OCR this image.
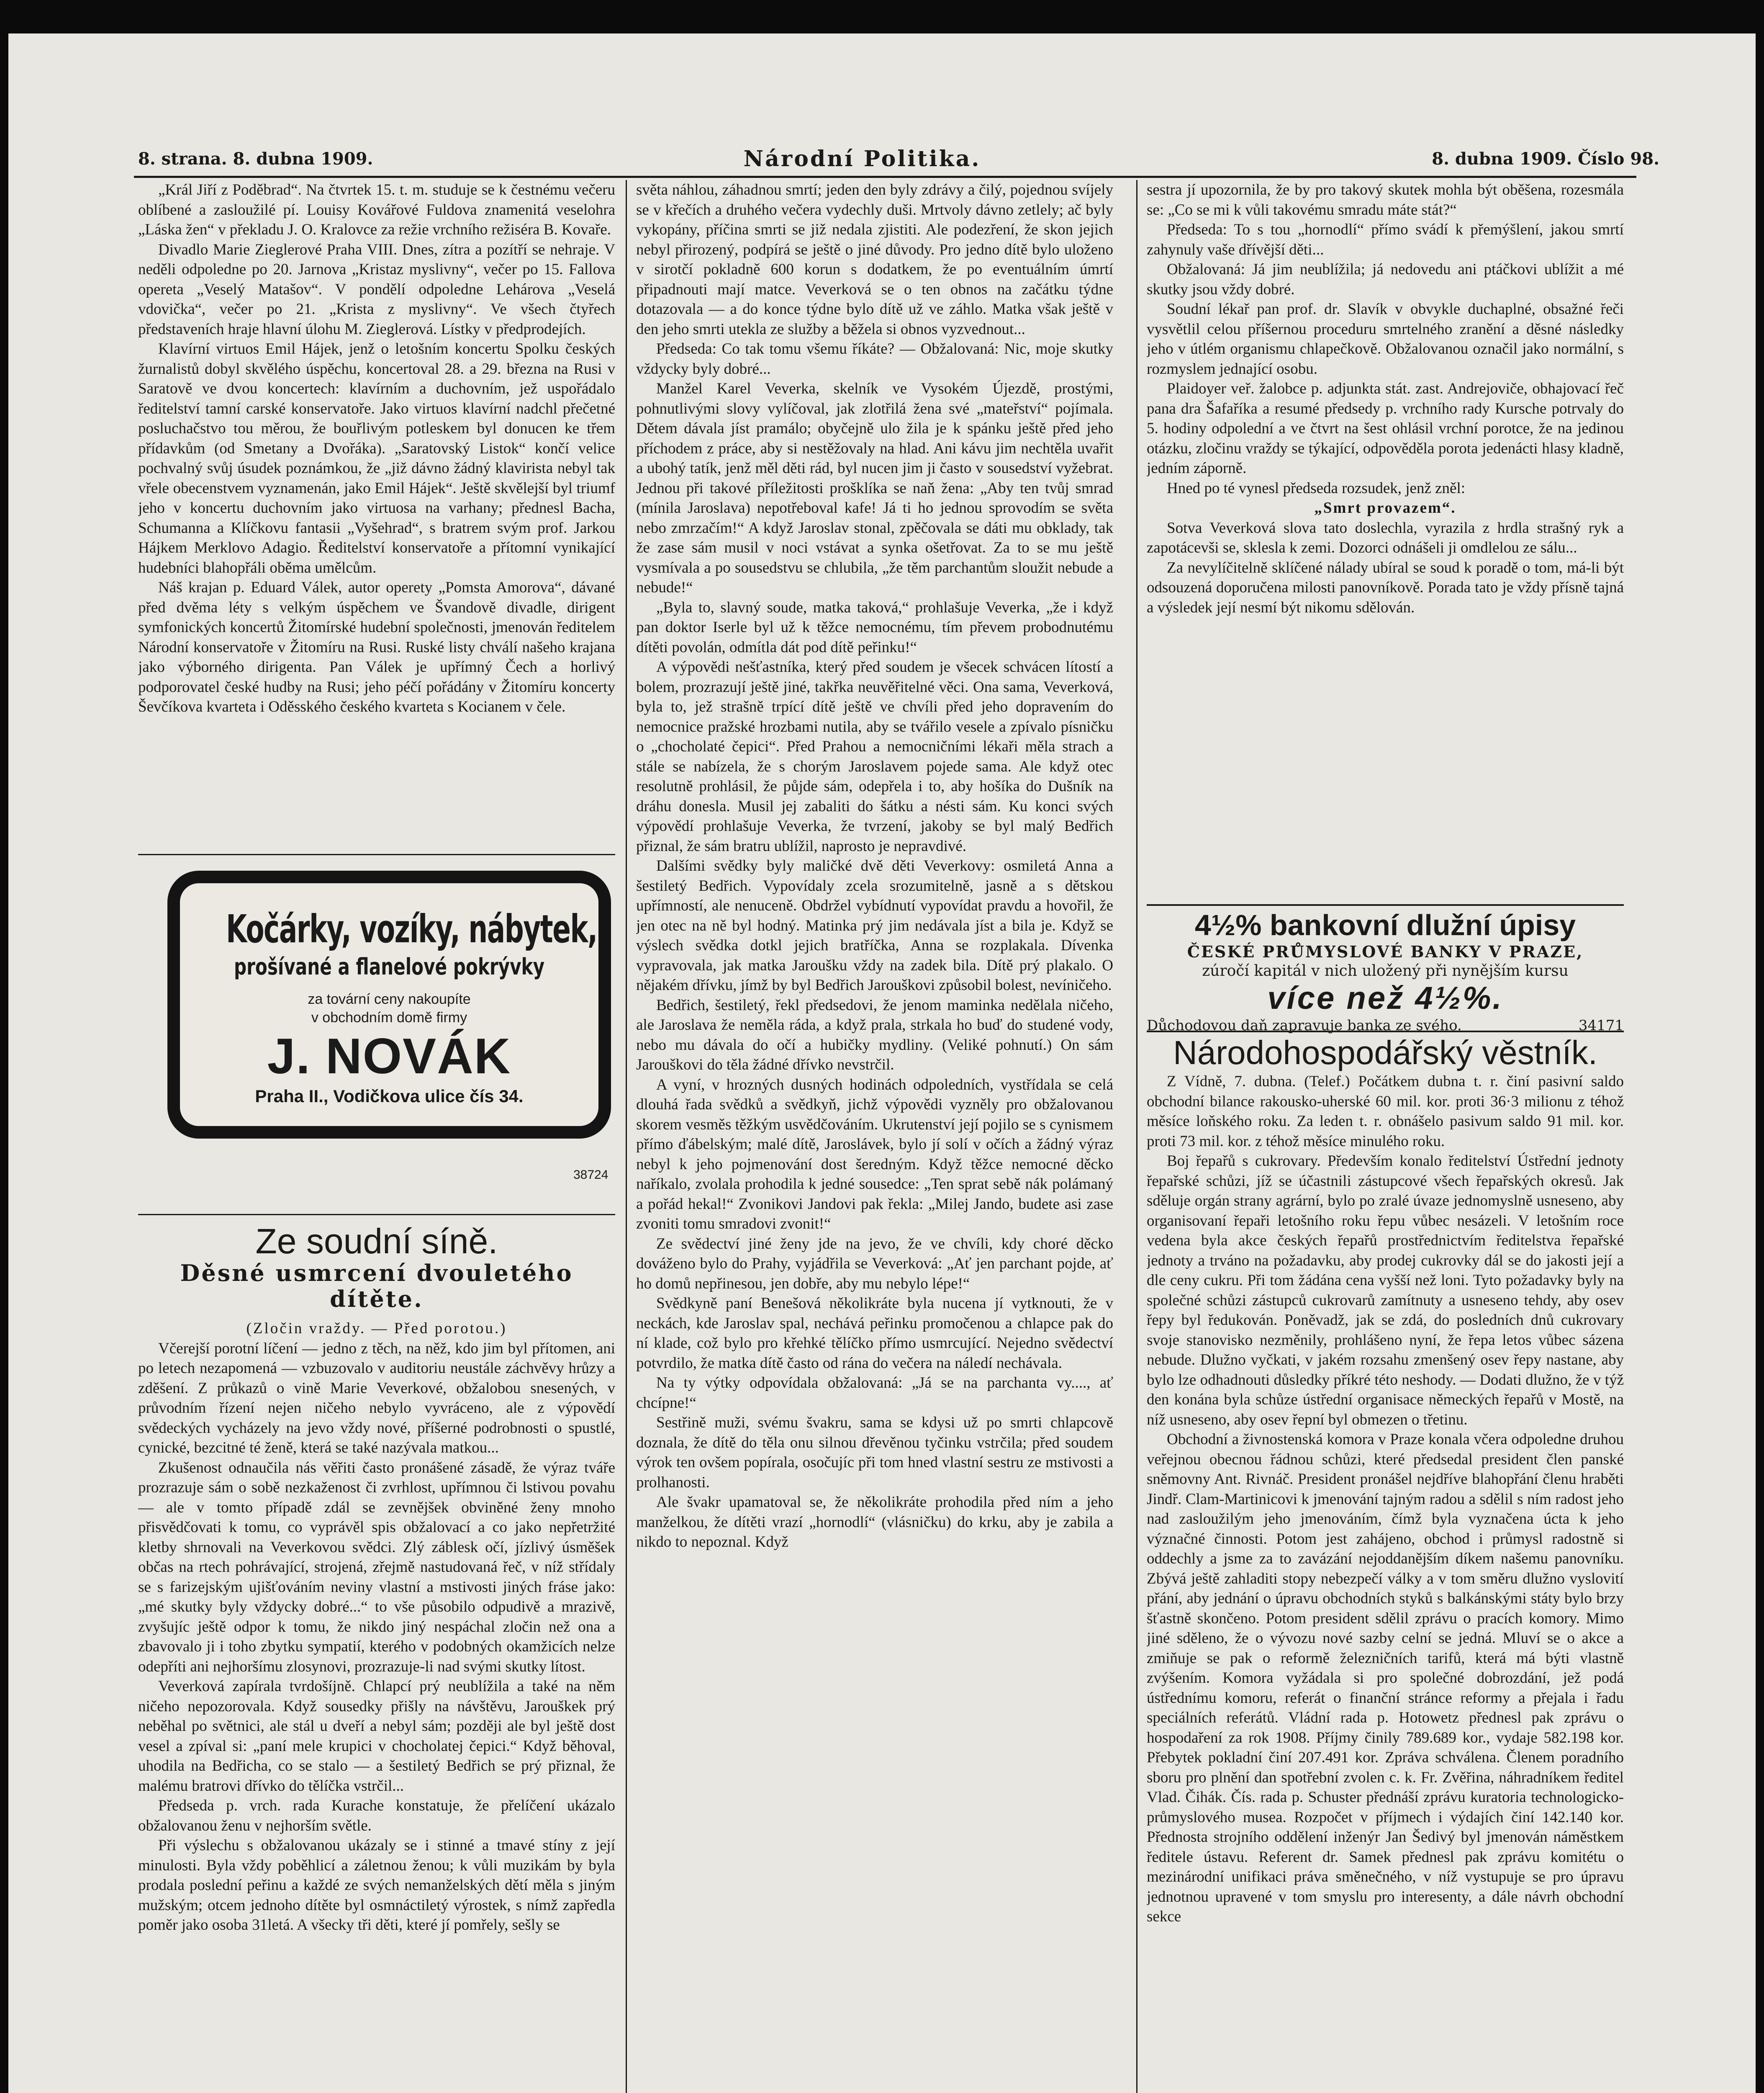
8. strana. 8. dubna 1909.	Národní Politika.	8. dubna 1909. Číslo 98.

„Král Jiří z Poděbrad“. Na čtvrtek 15. t. m. studuje se k čestnému večeru oblíbené a zasloužilé pí. Louisy Kovářové Fuldova znamenitá veselohra „Láska žen“ v překladu J. O. Kralovce za režie vrchního režiséra B. Kovaře.

Divadlo Marie Zieglerové Praha VIII. Dnes, zítra a pozítří se nehraje. V neděli odpoledne po 20. Jarnova „Kristaz myslivny“, večer po 15. Fallova opereta „Veselý Matašov“. V pondělí odpoledne Lehárova „Veselá vdovička“, večer po 21. „Krista z myslivny“. Ve všech čtyřech představeních hraje hlavní úlohu M. Zieglerová. Lístky v předprodejích.

Klavírní virtuos Emil Hájek, jenž o letošním koncertu Spolku českých žurnalistů dobyl skvělého úspěchu, koncertoval 28. a 29. března na Rusi v Saratově ve dvou koncertech: klavírním a duchovním, jež uspořádalo ředitelství tamní carské konservatoře. Jako virtuos klavírní nadchl přečetné posluchačstvo tou měrou, že bouřlivým potleskem byl donucen ke třem přídavkům (od Smetany a Dvořáka). „Saratovský Listok“ končí velice pochvalný svůj úsudek poznámkou, že „již dávno žádný klavirista nebyl tak vřele obecenstvem vyznamenán, jako Emil Hájek“. Ještě skvělejší byl triumf jeho v koncertu duchovním jako virtuosa na varhany; přednesl Bacha, Schumanna a Klíčkovu fantasii „Vyšehrad“, s bratrem svým prof. Jarkou Hájkem Merklovo Adagio. Ředitelství konservatoře a přítomní vynikající hudebníci blahopřáli oběma umělcům.

Náš krajan p. Eduard Válek, autor operety „Pomsta Amorova“, dávané před dvěma léty s velkým úspěchem ve Švandově divadle, dirigent symfonických koncertů Žitomírské hudební společnosti, jmenován ředitelem Národní konservatoře v Žitomíru na Rusi. Ruské listy chválí našeho krajana jako výborného dirigenta. Pan Válek je upřímný Čech a horlivý podporovatel české hudby na Rusi; jeho péčí pořádány v Žitomíru koncerty Ševčíkova kvarteta i Oděsského českého kvarteta s Kocianem v čele.

Kočárky, vozíky, nábytek,
prošívané a flanelové pokrývky
za tovární ceny nakoupíte
v obchodním domě firmy
J. NOVÁK
Praha II., Vodičkova ulice čís 34.
38724
Ze soudní síně.
Děsné usmrcení dvouletého dítěte.

(Zločin vraždy. — Před porotou.)

Včerejší porotní líčení — jedno z těch, na něž, kdo jim byl přítomen, ani po letech nezapomená — vzbuzovalo v auditoriu neustále záchvěvy hrůzy a zděšení. Z průkazů o vině Marie Veverkové, obžalobou snesených, v průvodním řízení nejen ničeho nebylo vyvráceno, ale z výpovědí svědeckých vycházely na jevo vždy nové, příšerné podrobnosti o spustlé, cynické, bezcitné té ženě, která se také nazývala matkou...

Zkušenost odnaučila nás věřiti často pronášené zásadě, že výraz tváře prozrazuje sám o sobě nezkaženost či zvrhlost, upřímnou či lstivou povahu — ale v tomto případě zdál se zevnějšek obviněné ženy mnoho přisvědčovati k tomu, co vyprávěl spis obžalovací a co jako nepřetržité kletby shrnovali na Veverkovou svědci. Zlý záblesk očí, jízlivý úsměšek občas na rtech pohrávající, strojená, zřejmě nastudovaná řeč, v níž střídaly se s farizejským ujišťováním neviny vlastní a mstivosti jiných fráse jako: „mé skutky byly vždycky dobré...“ to vše působilo odpudivě a mrazivě, zvyšujíc ještě odpor k tomu, že nikdo jiný nespáchal zločin než ona a zbavovalo ji i toho zbytku sympatií, kterého v podobných okamžicích nelze odepříti ani nejhoršímu zlosynovi, prozrazuje-li nad svými skutky lítost.

Veverková zapírala tvrdošíjně. Chlapcí prý neublížila a také na něm ničeho nepozorovala. Když sousedky přišly na návštěvu, Jarouškek prý neběhal po světnici, ale stál u dveří a nebyl sám; později ale byl ještě dost vesel a zpíval si: „paní mele krupici v chocholatej čepici.“ Když běhoval, uhodila na Bedřicha, co se stalo — a šestiletý Bedřich se prý přiznal, že malému bratrovi dřívko do tělíčka vstrčil...

Předseda p. vrch. rada Kurache konstatuje, že přelíčení ukázalo obžalovanou ženu v nejhorším světle.

Při výslechu s obžalovanou ukázaly se i stinné a tmavé stíny z její minulosti. Byla vždy poběhlicí a záletnou ženou; k vůli muzikám by byla prodala poslední peřinu a každé ze svých nemanželských dětí měla s jiným mužským; otcem jednoho dítěte byl osmnáctiletý výrostek, s nímž zapředla poměr jako osoba 31letá. A všecky tři děti, které jí pomřely, sešly se

světa náhlou, záhadnou smrtí; jeden den byly zdrávy a čilý, pojednou svíjely se v křečích a druhého večera vydechly duši. Mrtvoly dávno zetlely; ač byly vykopány, příčina smrti se již nedala zjistiti. Ale podezření, že skon jejich nebyl přirozený, podpírá se ještě o jiné důvody. Pro jedno dítě bylo uloženo v sirotčí pokladně 600 korun s dodatkem, že po eventuálním úmrtí připadnouti mají matce. Veverková se o ten obnos na začátku týdne dotazovala — a do konce týdne bylo dítě už ve záhlo. Matka však ještě v den jeho smrti utekla ze služby a běžela si obnos vyzvednout...

Předseda: Co tak tomu všemu říkáte? — Obžalovaná: Nic, moje skutky vždycky byly dobré...

Manžel Karel Veverka, skelník ve Vysokém Újezdě, prostými, pohnutlivými slovy vylíčoval, jak zlotřilá žena své „mateřství“ pojímala. Dětem dávala jíst pramálo; obyčejně ulo žila je k spánku ještě před jeho příchodem z práce, aby si nestěžovaly na hlad. Ani kávu jim nechtěla uvařit a ubohý tatík, jenž měl děti rád, byl nucen jim ji často v sousedství vyžebrat. Jednou při takové příležitosti prošklíka se naň žena: „Aby ten tvůj smrad (mínila Jaroslava) nepotřeboval kafe! Já ti ho jednou sprovodím se světa nebo zmrzačím!“ A když Jaroslav stonal, zpěčovala se dáti mu obklady, tak že zase sám musil v noci vstávat a synka ošetřovat. Za to se mu ještě vysmívala a po sousedstvu se chlubila, „že těm parchantům sloužit nebude a nebude!“

„Byla to, slavný soude, matka taková,“ prohlašuje Veverka, „že i když pan doktor Iserle byl už k těžce nemocnému, tím převem probodnutému dítěti povolán, odmítla dát pod dítě peřinku!“

A výpovědi nešťastníka, který před soudem je všecek schvácen lítostí a bolem, prozrazují ještě jiné, takřka neuvěřitelné věci. Ona sama, Veverková, byla to, jež strašně trpící dítě ještě ve chvíli před jeho dopravením do nemocnice pražské hrozbami nutila, aby se tvářilo vesele a zpívalo písničku o „chocholaté čepici“. Před Prahou a nemocničními lékaři měla strach a stále se nabízela, že s chorým Jaroslavem pojede sama. Ale když otec resolutně prohlásil, že půjde sám, odepřela i to, aby hošíka do Dušník na dráhu donesla. Musil jej zabaliti do šátku a nésti sám. Ku konci svých výpovědí prohlašuje Veverka, že tvrzení, jakoby se byl malý Bedřich přiznal, že sám bratru ublížil, naprosto je nepravdivé.

Dalšími svědky byly maličké dvě děti Veverkovy: osmiletá Anna a šestiletý Bedřich. Vypovídaly zcela srozumitelně, jasně a s dětskou upřímností, ale nenuceně. Obdržel vybídnutí vypovídat pravdu a hovořil, že jen otec na ně byl hodný. Matinka prý jim nedávala jíst a bila je. Když se výslech svědka dotkl jejich bratříčka, Anna se rozplakala. Dívenka vypravovala, jak matka Jaroušku vždy na zadek bila. Dítě prý plakalo. O nějakém dřívku, jímž by byl Bedřich Jarouškovi způsobil bolest, nevíničeho.

Bedřich, šestiletý, řekl předsedovi, že jenom maminka nedělala ničeho, ale Jaroslava že neměla ráda, a když prala, strkala ho buď do studené vody, nebo mu dávala do očí a hubičky mydliny. (Veliké pohnutí.) On sám Jarouškovi do těla žádné dřívko nevstrčil.

A vyní, v hrozných dusných hodinách odpoledních, vystřídala se celá dlouhá řada svědků a svědkyň, jichž výpovědi vyzněly pro obžalovanou skorem vesměs těžkým usvědčováním. Ukrutenství její pojilo se s cynismem přímo ďábelským; malé dítě, Jaroslávek, bylo jí solí v očích a žádný výraz nebyl k jeho pojmenování dost šeredným. Když těžce nemocné děcko naříkalo, zvolala prohodila k jedné sousedce: „Ten sprat sebě nák polámaný a pořád hekal!“ Zvonikovi Jandovi pak řekla: „Milej Jando, budete asi zase zvoniti tomu smradovi zvonit!“

Ze svědectví jiné ženy jde na jevo, že ve chvíli, kdy choré děcko dováženo bylo do Prahy, vyjádřila se Veverková: „Ať jen parchant pojde, ať ho domů nepřinesou, jen dobře, aby mu nebylo lépe!“

Svědkyně paní Benešová několikráte byla nucena jí vytknouti, že v neckách, kde Jaroslav spal, nechává peřinku promočenou a chlapce pak do ní klade, což bylo pro křehké tělíčko přímo usmrcující. Nejedno svědectví potvrdilo, že matka dítě často od rána do večera na náledí nechávala.

Na ty výtky odpovídala obžalovaná: „Já se na parchanta vy...., ať chcípne!“

Sestřině muži, svému švakru, sama se kdysi už po smrti chlapcově doznala, že dítě do těla onu silnou dřevěnou tyčinku vstrčila; před soudem výrok ten ovšem popírala, osočujíc při tom hned vlastní sestru ze mstivosti a prolhanosti.

Ale švakr upamatoval se, že několikráte prohodila před ním a jeho manželkou, že dítěti vrazí „hornodlí“ (vlásničku) do krku, aby je zabila a nikdo to nepoznal. Když

sestra jí upozornila, že by pro takový skutek mohla být oběšena, rozesmála se: „Co se mi k vůli takovému smradu máte stát?“

Předseda: To s tou „hornodlí“ přímo svádí k přemýšlení, jakou smrtí zahynuly vaše dřívější děti...

Obžalovaná: Já jim neublížila; já nedovedu ani ptáčkovi ublížit a mé skutky jsou vždy dobré.

Soudní lékař pan prof. dr. Slavík v obvykle duchaplné, obsažné řeči vysvětlil celou příšernou proceduru smrtelného zranění a děsné následky jeho v útlém organismu chlapečkově. Obžalovanou označil jako normální, s rozmyslem jednající osobu.

Plaidoyer veř. žalobce p. adjunkta stát. zast. Andrejoviče, obhajovací řeč pana dra Šafaříka a resumé předsedy p. vrchního rady Kursche potrvaly do 5. hodiny odpolední a ve čtvrt na šest ohlásil vrchní porotce, že na jedinou otázku, zločinu vraždy se týkající, odpověděla porota jedenácti hlasy kladně, jedním záporně.

Hned po té vynesl předseda rozsudek, jenž zněl:

„Smrt provazem“.

Sotva Veverková slova tato doslechla, vyrazila z hrdla strašný ryk a zapotácevši se, sklesla k zemi. Dozorci odnášeli ji omdlelou ze sálu...

Za nevylíčitelně sklíčené nálady ubíral se soud k poradě o tom, má-li být odsouzená doporučena milosti panovníkově. Porada tato je vždy přísně tajná a výsledek její nesmí být nikomu sdělován.

4½% bankovní dlužní úpisy
ČESKÉ PRŮMYSLOVÉ BANKY V PRAZE,
zúročí kapitál v nich uložený při nynějším kursu
více než 4½%.
Důchodovou daň zapravuje banka ze svého.	34171
Národohospodářský věstník.

Z Vídně, 7. dubna. (Telef.) Počátkem dubna t. r. činí pasivní saldo obchodní bilance rakousko-uherské 60 mil. kor. proti 36·3 milionu z téhož měsíce loňského roku. Za leden t. r. obnášelo pasivum saldo 91 mil. kor. proti 73 mil. kor. z téhož měsíce minulého roku.

Boj řepařů s cukrovary. Především konalo ředitelství Ústřední jednoty řepařské schůzi, jíž se účastnili zástupcové všech řepařských okresů. Jak sděluje orgán strany agrární, bylo po zralé úvaze jednomyslně usneseno, aby organisovaní řepaři letošního roku řepu vůbec nesázeli. V letošním roce vedena byla akce českých řepařů prostřednictvím ředitelstva řepařské jednoty a trváno na požadavku, aby prodej cukrovky dál se do jakosti její a dle ceny cukru. Při tom žádána cena vyšší než loni. Tyto požadavky byly na společné schůzi zástupců cukrovarů zamítnuty a usneseno tehdy, aby osev řepy byl ředukován. Poněvadž, jak se zdá, do posledních dnů cukrovary svoje stanovisko nezměnily, prohlášeno nyní, že řepa letos vůbec sázena nebude. Dlužno vyčkati, v jakém rozsahu zmenšený osev řepy nastane, aby bylo lze odhadnouti důsledky příkré této neshody. — Dodati dlužno, že v týž den konána byla schůze ústřední organisace německých řepařů v Mostě, na níž usneseno, aby osev řepní byl obmezen o třetinu.

Obchodní a živnostenská komora v Praze konala včera odpoledne druhou veřejnou obecnou řádnou schůzi, které předsedal president člen panské sněmovny Ant. Rivnáč. President pronášel nejdříve blahopřání členu hraběti Jindř. Clam-Martinicovi k jmenování tajným radou a sdělil s ním radost jeho nad zasloužilým jeho jmenováním, čímž byla vyznačena úcta k jeho význačné činnosti. Potom jest zahájeno, obchod i průmysl radostně si oddechly a jsme za to zavázání nejoddanějším díkem našemu panovníku. Zbývá ještě zahladiti stopy nebezpečí války a v tom směru dlužno vyslovití přání, aby jednání o úpravu obchodních styků s balkánskými státy bylo brzy šťastně skončeno. Potom president sdělil zprávu o pracích komory. Mimo jiné sděleno, že o vývozu nové sazby celní se jedná. Mluví se o akce a zmiňuje se pak o reformě železničních tarifů, která má býti vlastně zvýšením. Komora vyžádala si pro společné dobrozdání, jež podá ústřednímu komoru, referát o finanční stránce reformy a přejala i řadu speciálních referátů. Vládní rada p. Hotowetz přednesl pak zprávu o hospodaření za rok 1908. Příjmy činily 789.689 kor., vydaje 582.198 kor. Přebytek pokladní činí 207.491 kor. Zpráva schválena. Členem poradního sboru pro plnění dan spotřební zvolen c. k. Fr. Zvěřina, náhradníkem ředitel Vlad. Čihák. Čís. rada p. Schuster přednáší zprávu kuratoria technologicko-průmyslového musea. Rozpočet v příjmech i výdajích činí 142.140 kor. Přednosta strojního oddělení inženýr Jan Šedivý byl jmenován náměstkem ředitele ústavu. Referent dr. Samek přednesl pak zprávu komitétu o mezinárodní unifikaci práva směnečného, v níž vystupuje se pro úpravu jednotnou upravené v tom smyslu pro interesenty, a dále návrh obchodní sekce
